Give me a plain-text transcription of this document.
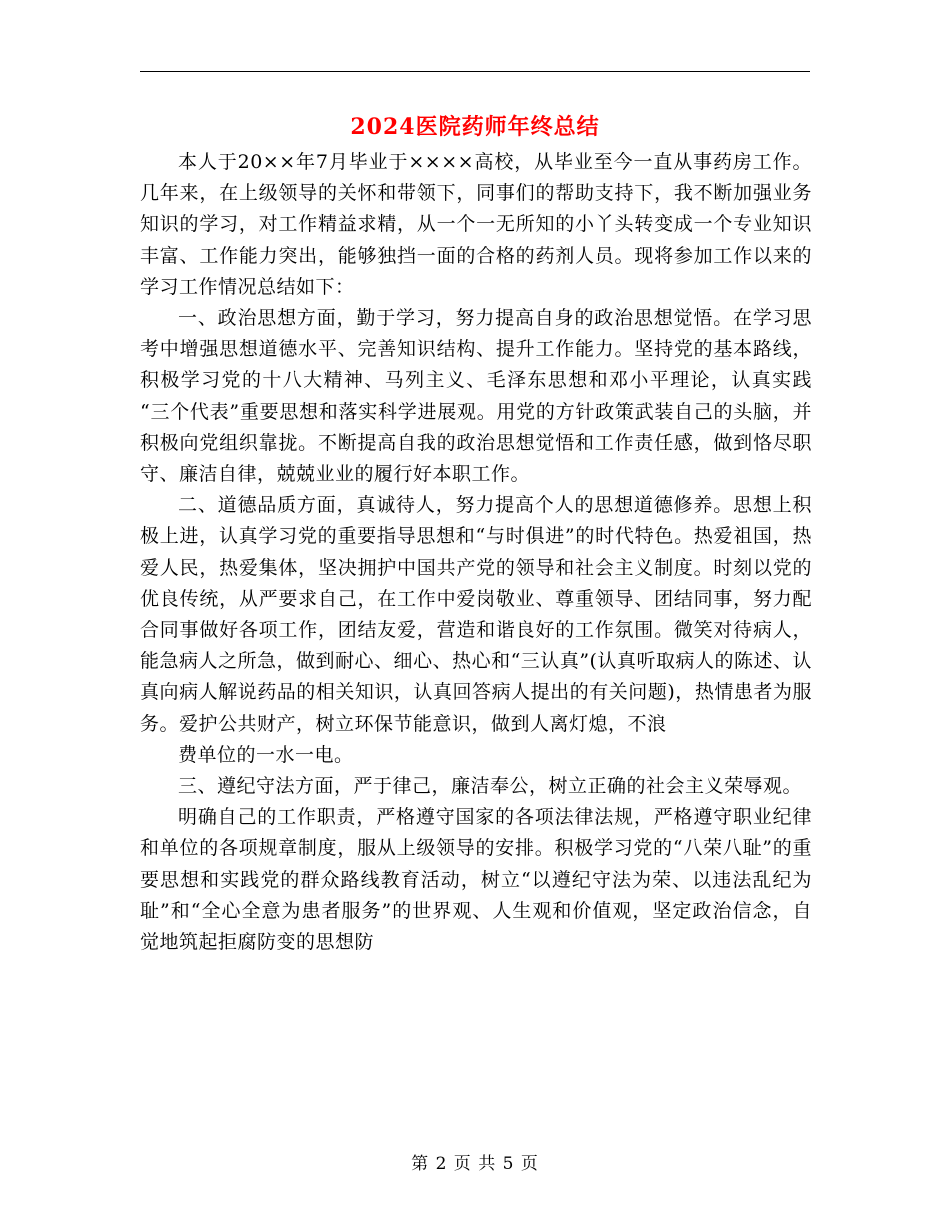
2024医院药师年终总结

本人于20××年7月毕业于××××高校，从毕业至今一直从事药房工作。几年来，在上级领导的关怀和带领下，同事们的帮助支持下，我不断加强业务知识的学习，对工作精益求精，从一个一无所知的小丫头转变成一个专业知识丰富、工作能力突出，能够独挡一面的合格的药剂人员。现将参加工作以来的学习工作情况总结如下：

一、政治思想方面，勤于学习，努力提高自身的政治思想觉悟。在学习思考中增强思想道德水平、完善知识结构、提升工作能力。坚持党的基本路线，积极学习党的十八大精神、马列主义、毛泽东思想和邓小平理论，认真实践 “三个代表”重要思想和落实科学进展观。用党的方针政策武装自己的头脑，并积极向党组织靠拢。不断提高自我的政治思想觉悟和工作责任感，做到恪尽职守、廉洁自律，兢兢业业的履行好本职工作。

二、道德品质方面，真诚待人，努力提高个人的思想道德修养。思想上积极上进，认真学习党的重要指导思想和“与时俱进”的时代特色。热爱祖国，热爱人民，热爱集体，坚决拥护中国共产党的领导和社会主义制度。时刻以党的优良传统，从严要求自己，在工作中爱岗敬业、尊重领导、团结同事，努力配合同事做好各项工作，团结友爱，营造和谐良好的工作氛围。微笑对待病人，能急病人之所急，做到耐心、细心、热心和“三认真”(认真听取病人的陈述、认真向病人解说药品的相关知识，认真回答病人提出的有关问题)，热情患者为服务。爱护公共财产，树立环保节能意识，做到人离灯熄，不浪

费单位的一水一电。

三、遵纪守法方面，严于律己，廉洁奉公，树立正确的社会主义荣辱观。

明确自己的工作职责，严格遵守国家的各项法律法规，严格遵守职业纪律和单位的各项规章制度，服从上级领导的安排。积极学习党的“八荣八耻”的重要思想和实践党的群众路线教育活动，树立“以遵纪守法为荣、以违法乱纪为耻”和“全心全意为患者服务”的世界观、人生观和价值观，坚定政治信念，自觉地筑起拒腐防变的思想防

第 2 页 共 5 页
